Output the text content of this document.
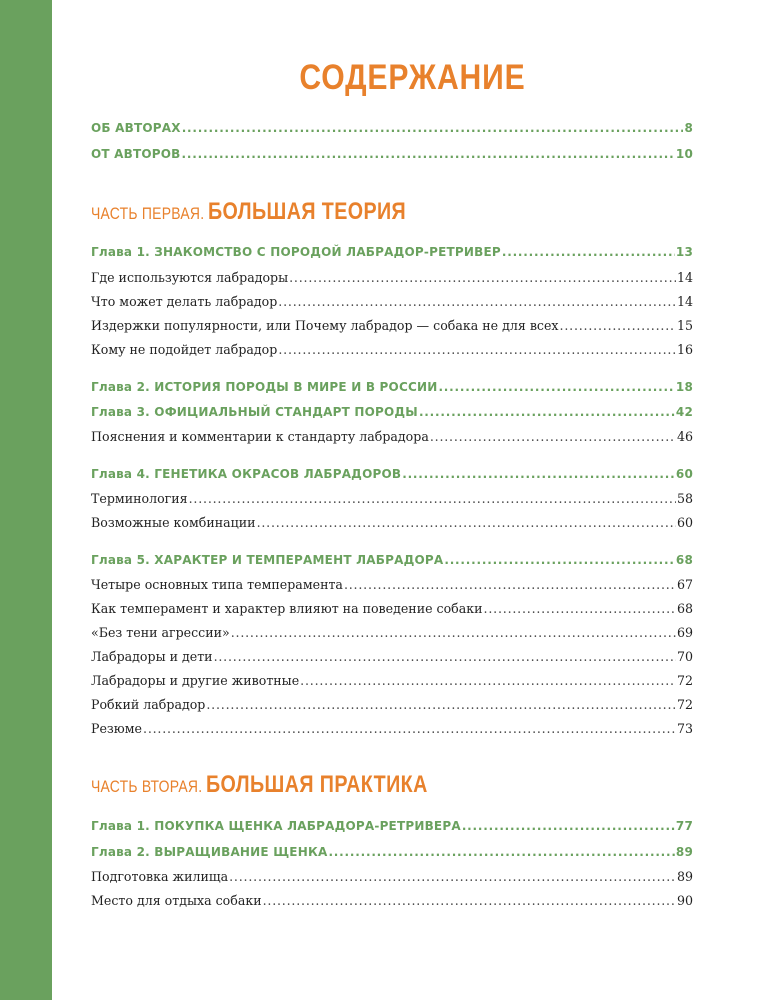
СОДЕРЖАНИЕ
ОБ АВТОРАХ .....	8
ОТ АВТОРОВ .....	10
Глава 1. ЗНАКОМСТВО С ПОРОДОЙ ЛАБРАДОР-РЕТРИВЕР .....	13
Где используются лабрадоры .....	14
Что может делать лабрадор .....	14
Издержки популярности, или Почему лабрадор — собака не для всех .....	15
Кому не подойдет лабрадор .....	16
Глава 2. ИСТОРИЯ ПОРОДЫ В МИРЕ И В РОССИИ .....	18
Глава 3. ОФИЦИАЛЬНЫЙ СТАНДАРТ ПОРОДЫ .....	42
Пояснения и комментарии к стандарту лабрадора .....	46
Глава 4. ГЕНЕТИКА ОКРАСОВ ЛАБРАДОРОВ .....	60
Терминология .....	58
Возможные комбинации .....	60
Глава 5. ХАРАКТЕР И ТЕМПЕРАМЕНТ ЛАБРАДОРА .....	68
Четыре основных типа темперамента .....	67
Как темперамент и характер влияют на поведение собаки .....	68
«Без тени агрессии» .....	69
Лабрадоры и дети .....	70
Лабрадоры и другие животные .....	72
Робкий лабрадор .....	72
Резюме .....	73
Глава 1. ПОКУПКА ЩЕНКА ЛАБРАДОРА-РЕТРИВЕРА .....	77
Глава 2. ВЫРАЩИВАНИЕ ЩЕНКА .....	89
Подготовка жилища .....	89
Место для отдыха собаки .....	90
ЧАСТЬ ПЕРВАЯ. БОЛЬШАЯ ТЕОРИЯ
ЧАСТЬ ВТОРАЯ. БОЛЬШАЯ ПРАКТИКА
